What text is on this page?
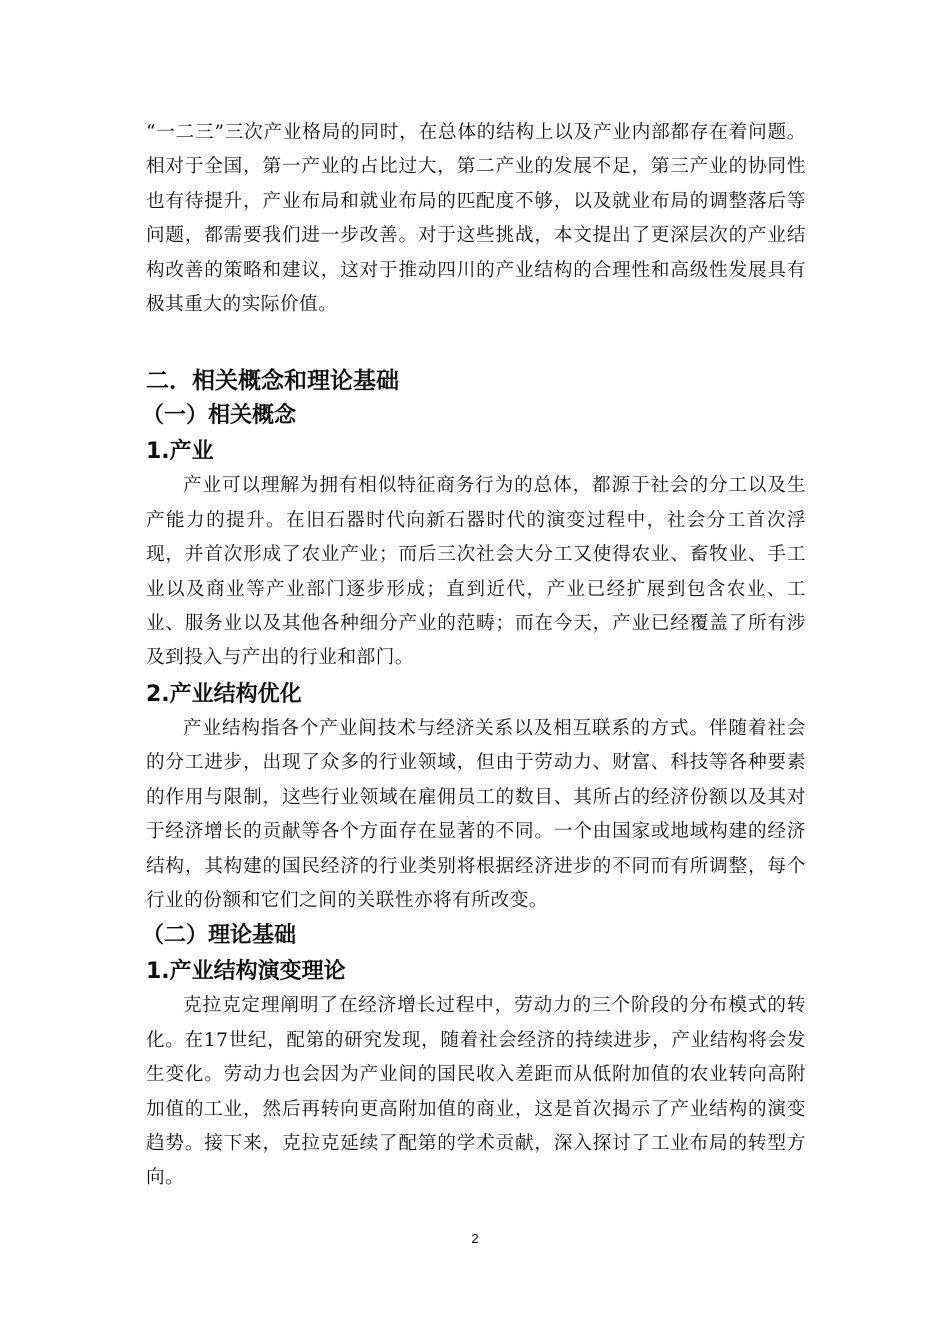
“一二三”三次产业格局的同时，在总体的结构上以及产业内部都存在着问题。相对于全国，第一产业的占比过大，第二产业的发展不足，第三产业的协同性也有待提升，产业布局和就业布局的匹配度不够，以及就业布局的调整落后等问题，都需要我们进一步改善。对于这些挑战，本文提出了更深层次的产业结构改善的策略和建议，这对于推动四川的产业结构的合理性和高级性发展具有极其重大的实际价值。

二．相关概念和理论基础
（一）相关概念
1.产业

产业可以理解为拥有相似特征商务行为的总体，都源于社会的分工以及生产能力的提升。在旧石器时代向新石器时代的演变过程中，社会分工首次浮现，并首次形成了农业产业；而后三次社会大分工又使得农业、畜牧业、手工业以及商业等产业部门逐步形成；直到近代，产业已经扩展到包含农业、工业、服务业以及其他各种细分产业的范畴；而在今天，产业已经覆盖了所有涉及到投入与产出的行业和部门。

2.产业结构优化

产业结构指各个产业间技术与经济关系以及相互联系的方式。伴随着社会的分工进步，出现了众多的行业领域，但由于劳动力、财富、科技等各种要素的作用与限制，这些行业领域在雇佣员工的数目、其所占的经济份额以及其对于经济增长的贡献等各个方面存在显著的不同。一个由国家或地域构建的经济结构，其构建的国民经济的行业类别将根据经济进步的不同而有所调整，每个行业的份额和它们之间的关联性亦将有所改变。

（二）理论基础
1.产业结构演变理论

克拉克定理阐明了在经济增长过程中，劳动力的三个阶段的分布模式的转化。在17世纪，配第的研究发现，随着社会经济的持续进步，产业结构将会发生变化。劳动力也会因为产业间的国民收入差距而从低附加值的农业转向高附加值的工业，然后再转向更高附加值的商业，这是首次揭示了产业结构的演变趋势。接下来，克拉克延续了配第的学术贡献，深入探讨了工业布局的转型方向。

2
